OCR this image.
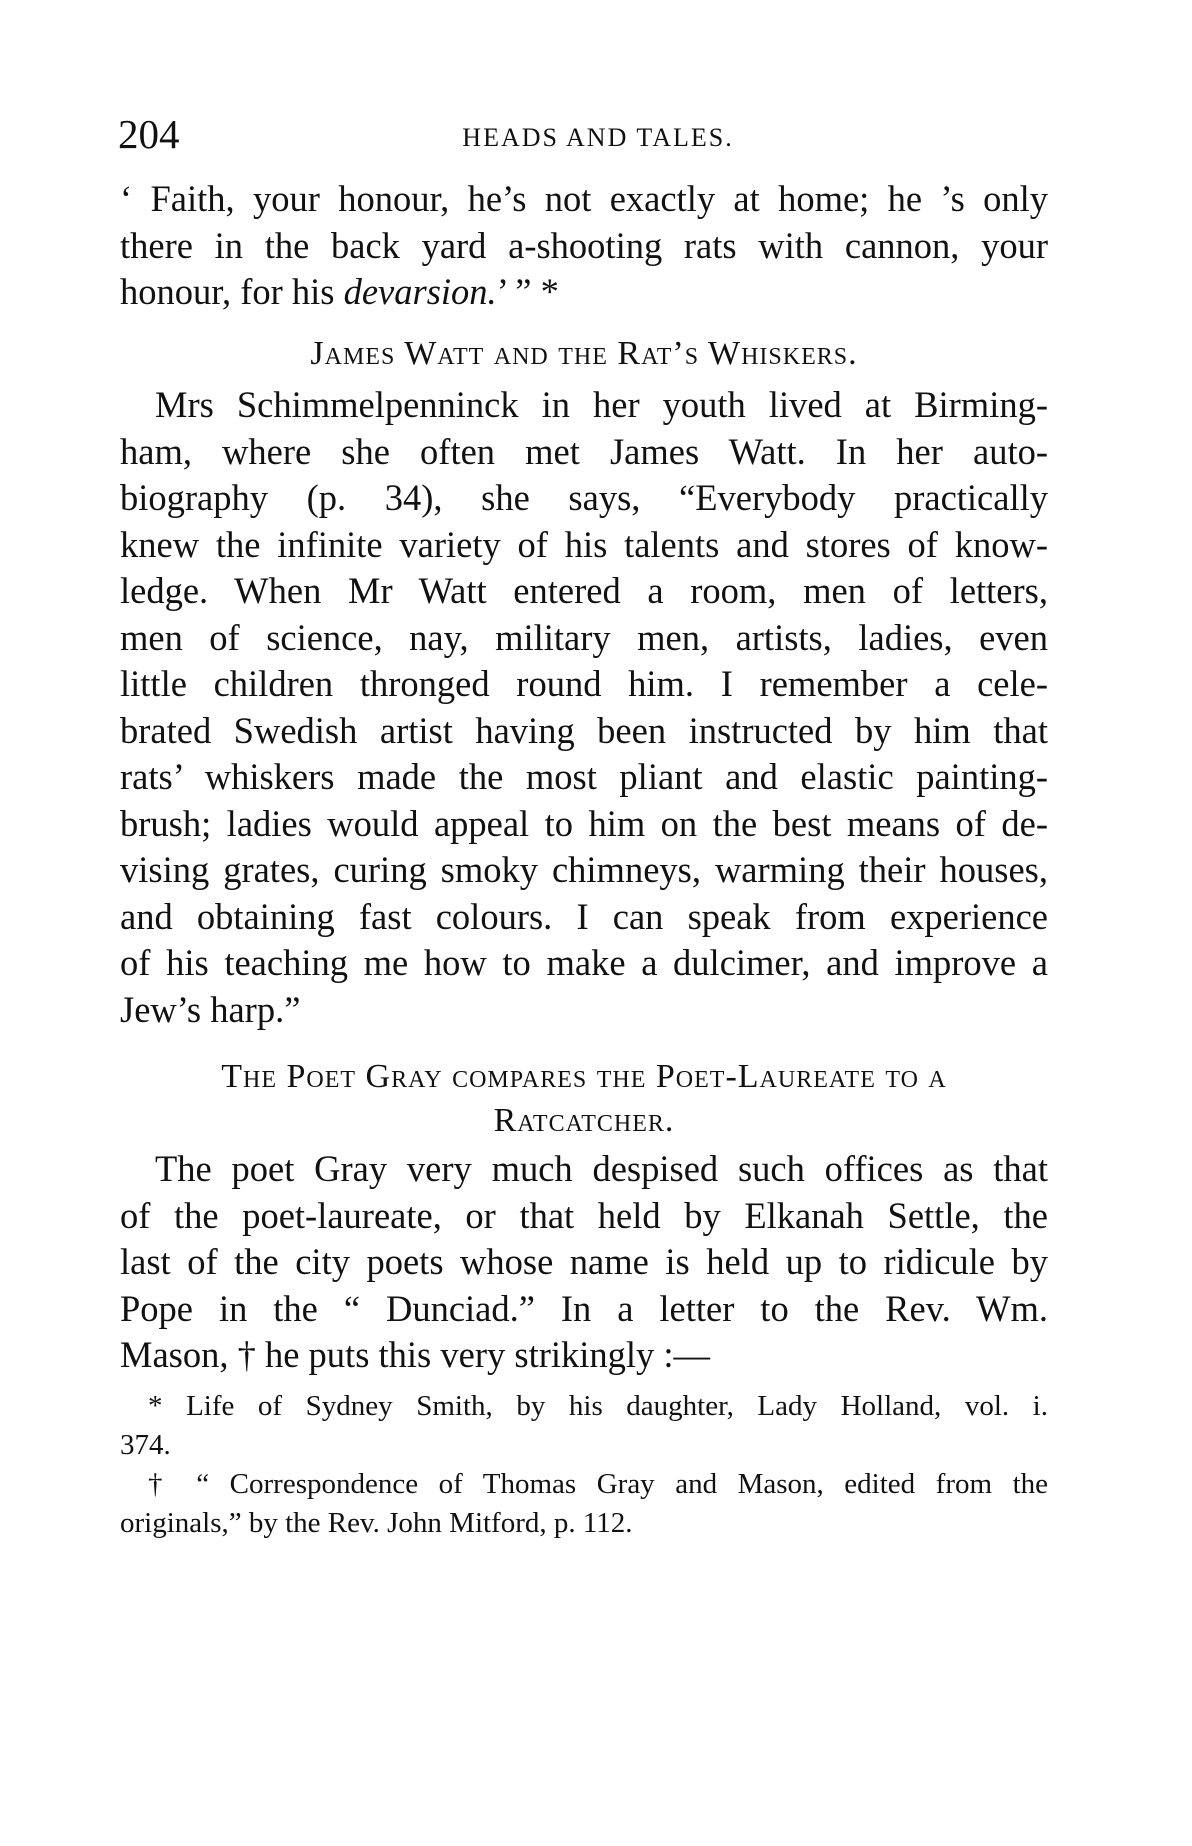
204	HEADS AND TALES.
‘ Faith, your honour, he’s not exactly at home; he ’s only
there in the back yard a-shooting rats with cannon, your
honour, for his devarsion.’ ” *
James Watt and the Rat’s Whiskers.
Mrs Schimmelpenninck in her youth lived at Birming-
ham, where she often met James Watt. In her auto-
biography (p. 34), she says, “Everybody practically
knew the infinite variety of his talents and stores of know-
ledge. When Mr Watt entered a room, men of letters,
men of science, nay, military men, artists, ladies, even
little children thronged round him. I remember a cele-
brated Swedish artist having been instructed by him that
rats’ whiskers made the most pliant and elastic painting-
brush; ladies would appeal to him on the best means of de-
vising grates, curing smoky chimneys, warming their houses,
and obtaining fast colours. I can speak from experience
of his teaching me how to make a dulcimer, and improve a
Jew’s harp.”
The Poet Gray compares the Poet-Laureate to a
Ratcatcher.
The poet Gray very much despised such offices as that
of the poet-laureate, or that held by Elkanah Settle, the
last of the city poets whose name is held up to ridicule by
Pope in the “ Dunciad.” In a letter to the Rev. Wm.
Mason, † he puts this very strikingly :—
* Life of Sydney Smith, by his daughter, Lady Holland, vol. i.
374.
† “ Correspondence of Thomas Gray and Mason, edited from the
originals,” by the Rev. John Mitford, p. 112.
